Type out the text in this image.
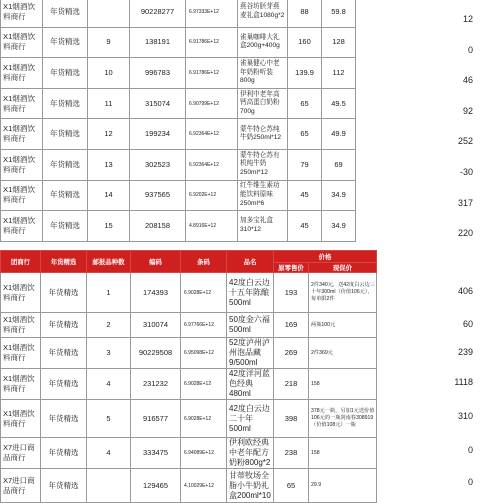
X1烟酒饮料商行	年货精选		90228277	6.97333E+12	燕谷坊胚芽燕麦礼盒1080g*2	88	59.8
X1烟酒饮料商行	年货精选	9	138191	6.91786E+12	雀巢咖啡大礼盒200g+400g	160	128
X1烟酒饮料商行	年货精选	10	996783	6.91786E+12	雀巢健心中老年奶粉听装800g	139.9	112
X1烟酒饮料商行	年货精选	11	315074	6.90799E+12	伊利中老年高钙高蛋白奶粉700g	65	49.5
X1烟酒饮料商行	年货精选	12	199234	6.92364E+12	蒙牛特仑苏纯牛奶250ml*12	65	49.9
X1烟酒饮料商行	年货精选	13	302523	6.92364E+12	蒙牛特仑苏有机纯牛奶250ml*12	79	69
X1烟酒饮料商行	年货精选	14	937565	6.9202E+12	红牛维生素功能饮料原味250ml*6	45	34.9
X1烟酒饮料商行	年货精选	15	208158	4.8916E+12	加多宝礼盒310*12	45	34.9
12
0
46
92
252
-30
317
220
团商行	年货精选	邮报品种数	编码	条码	品名	价格	
						原零售价	现促价
X1烟酒饮料商行	年货精选	1	174393	6.9028E+12	42度白云边十五年陈酿500ml	193	2件340元，送42度白云边三十年300ml（价值106元），每单限2件
X1烟酒饮料商行	年货精选	2	310074	6.97766E+12	50度金六福500ml	169	两瓶100元
X1烟酒饮料商行	年货精选	3	90229508	6.95098E+12	52度泸州泸州泡品藏9/500ml	269	2件369元
X1烟酒饮料商行	年货精选	4	231232	6.9028E+12	42度洋河蓝色经典480ml	218	158
X1烟酒饮料商行	年货精选	5	916577	6.9028E+12	42度白云边二十年500ml	398	378元一瓶，另加1元送价值106元的一瓶剑南春308919（价值108元）一瓶
X7进口商品商行	年货精选	4	333475	6.94089E+12	伊利欧经典中老年配方奶粉800g*2	238	158
X7进口商品商行	年货精选		129465	4.10029E+12	甘蒂牧场全脂小牛奶礼盒200ml*10	65	29.9
406
60
239
1118
310
0
0
